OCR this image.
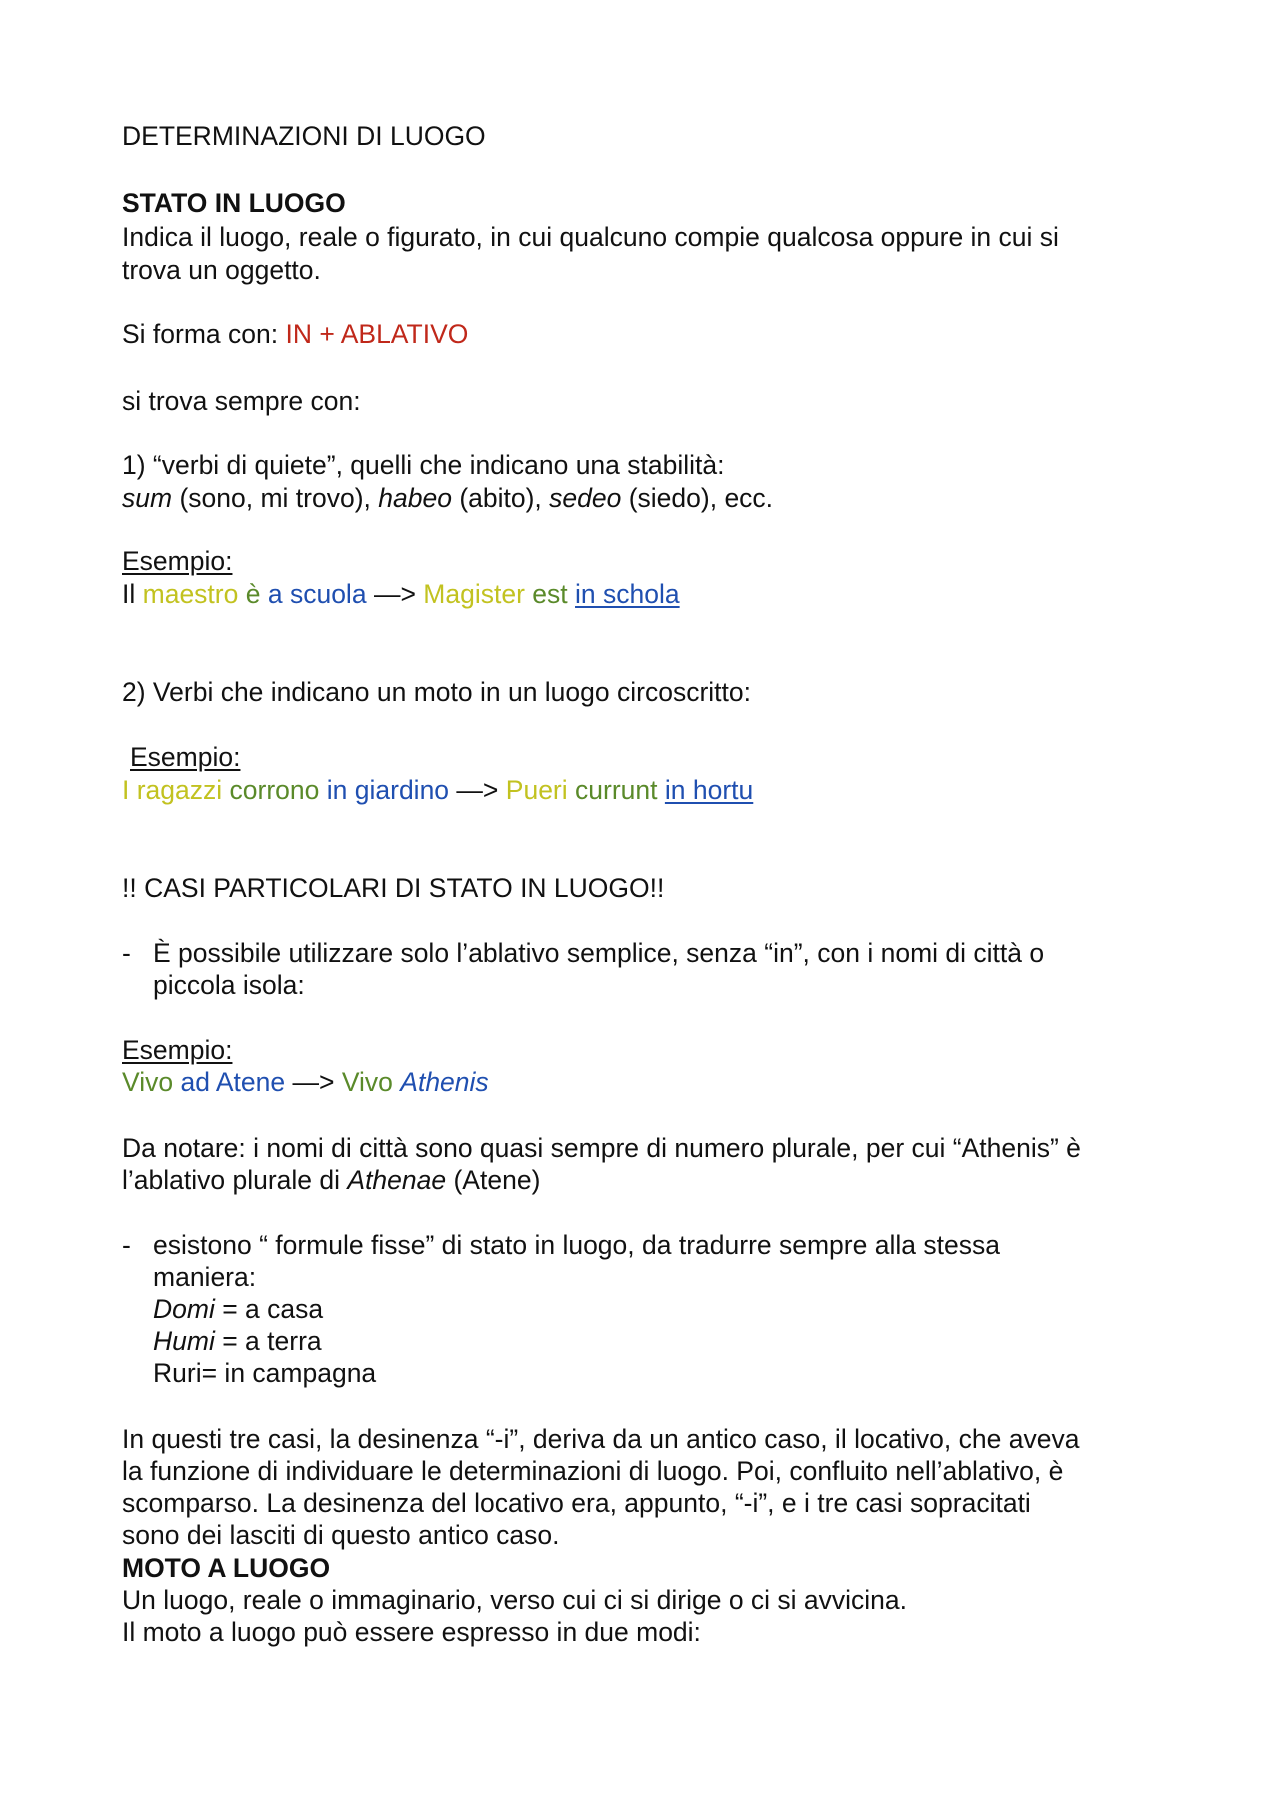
DETERMINAZIONI DI LUOGO

STATO IN LUOGO

Indica il luogo, reale o figurato, in cui qualcuno compie qualcosa oppure in cui si

trova un oggetto.

Si forma con: IN + ABLATIVO

si trova sempre con:

1) “verbi di quiete”, quelli che indicano una stabilità:

sum (sono, mi trovo), habeo (abito), sedeo (siedo), ecc.

Esempio:

Il maestro è a scuola —> Magister est in schola

2) Verbi che indicano un moto in un luogo circoscritto:

Esempio:

I ragazzi corrono in giardino —> Pueri currunt in hortu

!! CASI PARTICOLARI DI STATO IN LUOGO!!

- È possibile utilizzare solo l’ablativo semplice, senza “in”, con i nomi di città o

piccola isola:

Esempio:

Vivo ad Atene —> Vivo Athenis

Da notare: i nomi di città sono quasi sempre di numero plurale, per cui “Athenis” è

l’ablativo plurale di Athenae (Atene)

- esistono “ formule fisse” di stato in luogo, da tradurre sempre alla stessa

maniera:

Domi = a casa

Humi = a terra

Ruri= in campagna

In questi tre casi, la desinenza “-i”, deriva da un antico caso, il locativo, che aveva

la funzione di individuare le determinazioni di luogo. Poi, confluito nell’ablativo, è

scomparso. La desinenza del locativo era, appunto, “-i”, e i tre casi sopracitati

sono dei lasciti di questo antico caso.

MOTO A LUOGO

Un luogo, reale o immaginario, verso cui ci si dirige o ci si avvicina.

Il moto a luogo può essere espresso in due modi:
